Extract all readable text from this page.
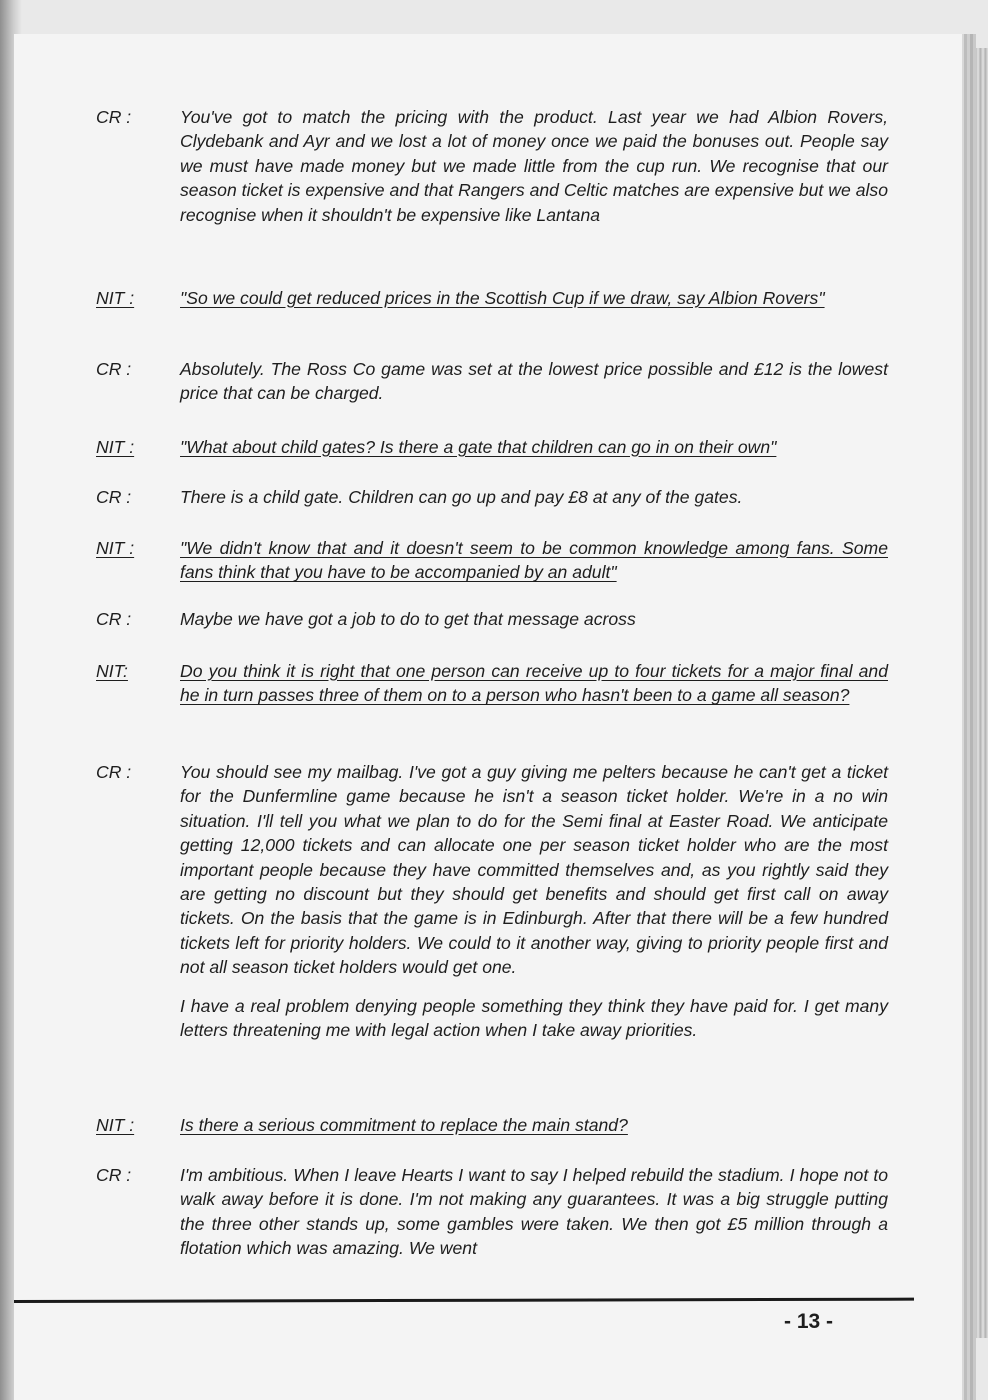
CR :	You've got to match the pricing with the product. Last year we had Albion Rovers, Clydebank and Ayr and we lost a lot of money once we paid the bonuses out. People say we must have made money but we made little from the cup run. We recognise that our season ticket is expensive and that Rangers and Celtic matches are expensive but we also recognise when it shouldn't be expensive like Lantana
NIT :	"So we could get reduced prices in the Scottish Cup if we draw, say Albion Rovers"
CR :	Absolutely. The Ross Co game was set at the lowest price possible and £12 is the lowest price that can be charged.
NIT :	"What about child gates? Is there a gate that children can go in on their own"
CR :	There is a child gate. Children can go up and pay £8 at any of the gates.
NIT :	"We didn't know that and it doesn't seem to be common knowledge among fans. Some fans think that you have to be accompanied by an adult"
CR :	Maybe we have got a job to do to get that message across
NIT:	Do you think it is right that one person can receive up to four tickets for a major final and he in turn passes three of them on to a person who hasn't been to a game all season?
CR :	You should see my mailbag. I've got a guy giving me pelters because he can't get a ticket for the Dunfermline game because he isn't a season ticket holder. We're in a no win situation. I'll tell you what we plan to do for the Semi final at Easter Road. We anticipate getting 12,000 tickets and can allocate one per season ticket holder who are the most important people because they have committed themselves and, as you rightly said they are getting no discount but they should get benefits and should get first call on away tickets. On the basis that the game is in Edinburgh. After that there will be a few hundred tickets left for priority holders. We could to it another way, giving to priority people first and not all season ticket holders would get one.
I have a real problem denying people something they think they have paid for. I get many letters threatening me with legal action when I take away priorities.
NIT :	Is there a serious commitment to replace the main stand?
CR :	I'm ambitious. When I leave Hearts I want to say I helped rebuild the stadium. I hope not to walk away before it is done. I'm not making any guarantees. It was a big struggle putting the three other stands up, some gambles were taken. We then got £5 million through a flotation which was amazing. We went
- 13 -
